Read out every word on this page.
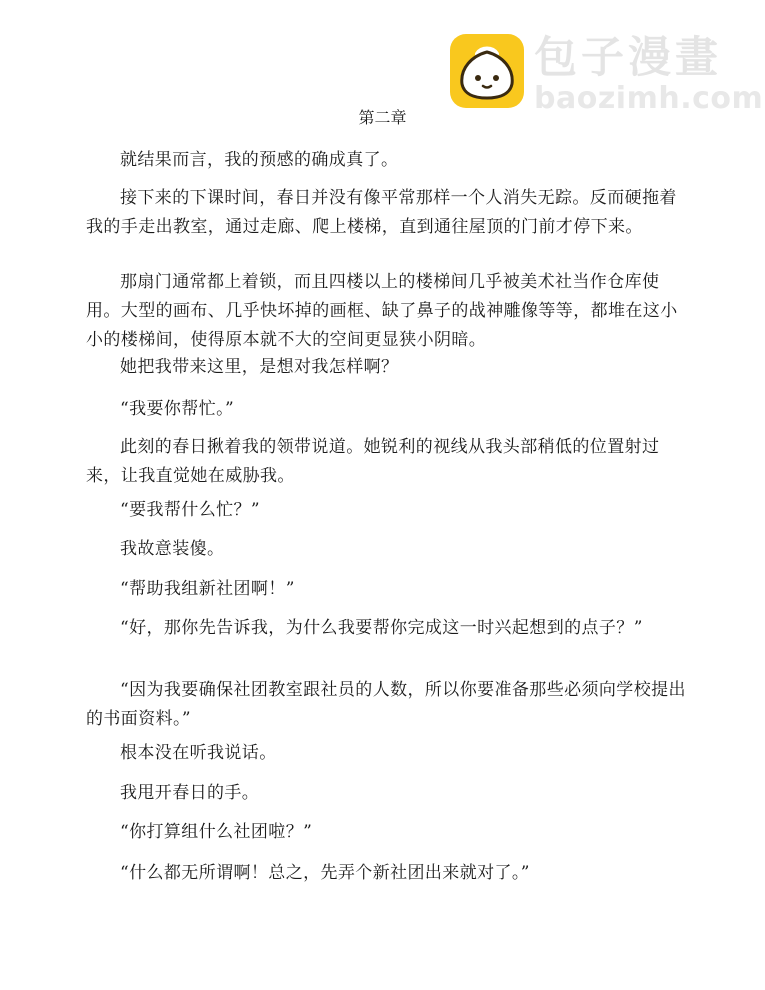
包子漫畫
baozimh.com
第二章

就结果而言，我的预感的确成真了。

接下来的下课时间，春日并没有像平常那样一个人消失无踪。反而硬拖着我的手走出教室，通过走廊、爬上楼梯，直到通往屋顶的门前才停下来。

那扇门通常都上着锁，而且四楼以上的楼梯间几乎被美术社当作仓库使用。大型的画布、几乎快坏掉的画框、缺了鼻子的战神雕像等等，都堆在这小小的楼梯间，使得原本就不大的空间更显狭小阴暗。

她把我带来这里，是想对我怎样啊？

“我要你帮忙。”

此刻的春日揪着我的领带说道。她锐利的视线从我头部稍低的位置射过来，让我直觉她在威胁我。

“要我帮什么忙？”

我故意装傻。

“帮助我组新社团啊！”

“好，那你先告诉我，为什么我要帮你完成这一时兴起想到的点子？”

“因为我要确保社团教室跟社员的人数，所以你要准备那些必须向学校提出的书面资料。”

根本没在听我说话。

我甩开春日的手。

“你打算组什么社团啦？”

“什么都无所谓啊！总之，先弄个新社团出来就对了。”
